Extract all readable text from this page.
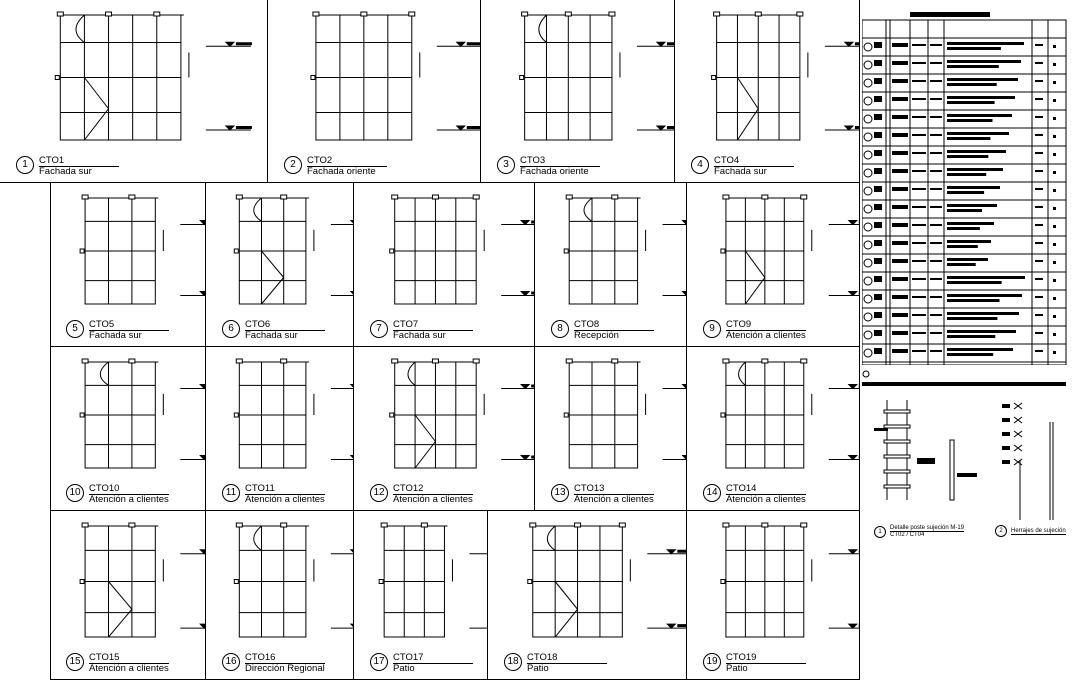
1	CTO1
Fachada sur
2	CTO2
Fachada oriente
3	CTO3
Fachada oriente
4	CTO4
Fachada sur
5	CTO5
Fachada sur
6	CTO6
Fachada sur
7	CTO7
Fachada sur
8	CTO8
Recepción
9	CTO9
Atención a clientes
10 CTO10
Atención a clientes
11 CTO11
Atención a clientes
12 CTO12
Atención a clientes
13 CTO13
Atención a clientes
14 CTO14
Atención a clientes
15 CTO15
Atención a clientes
16 CTO16
Dirección Regional
17 CTO17
Patio
18 CTO18
Patio
19 CTO19
Patio
1
Detalle poste sujeción M-19
CT02 / CT04
2	Herrajes de sujeción
